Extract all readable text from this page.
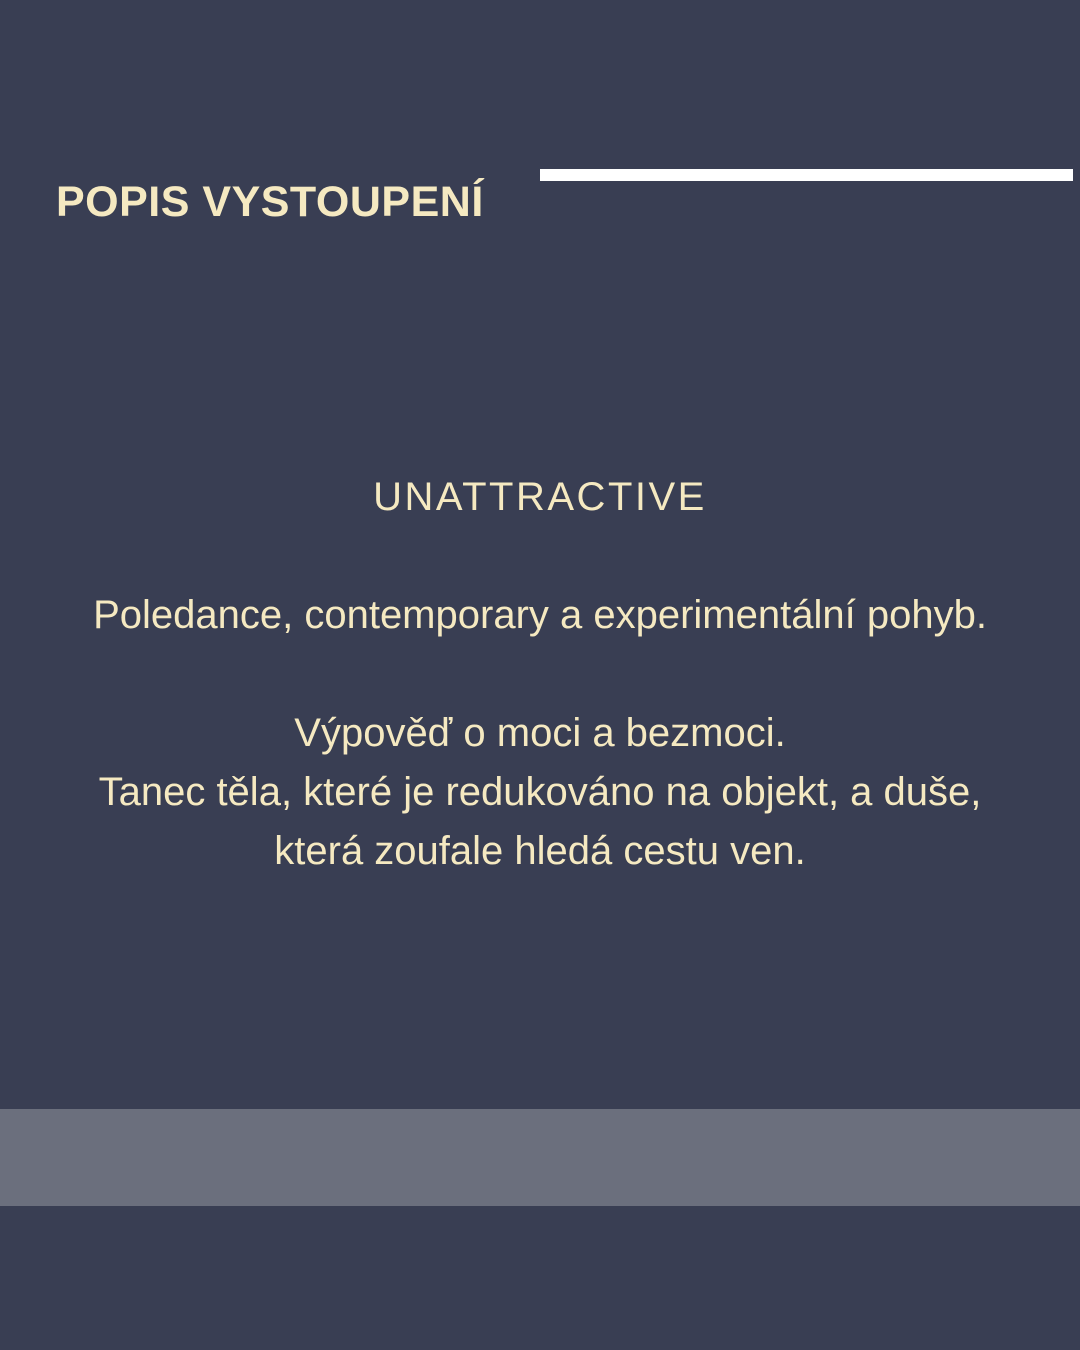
POPIS VYSTOUPENÍ
UNATTRACTIVE

Poledance, contemporary a experimentální pohyb.

Výpověď o moci a bezmoci.

Tanec těla, které je redukováno na objekt, a duše,

která zoufale hledá cestu ven.
